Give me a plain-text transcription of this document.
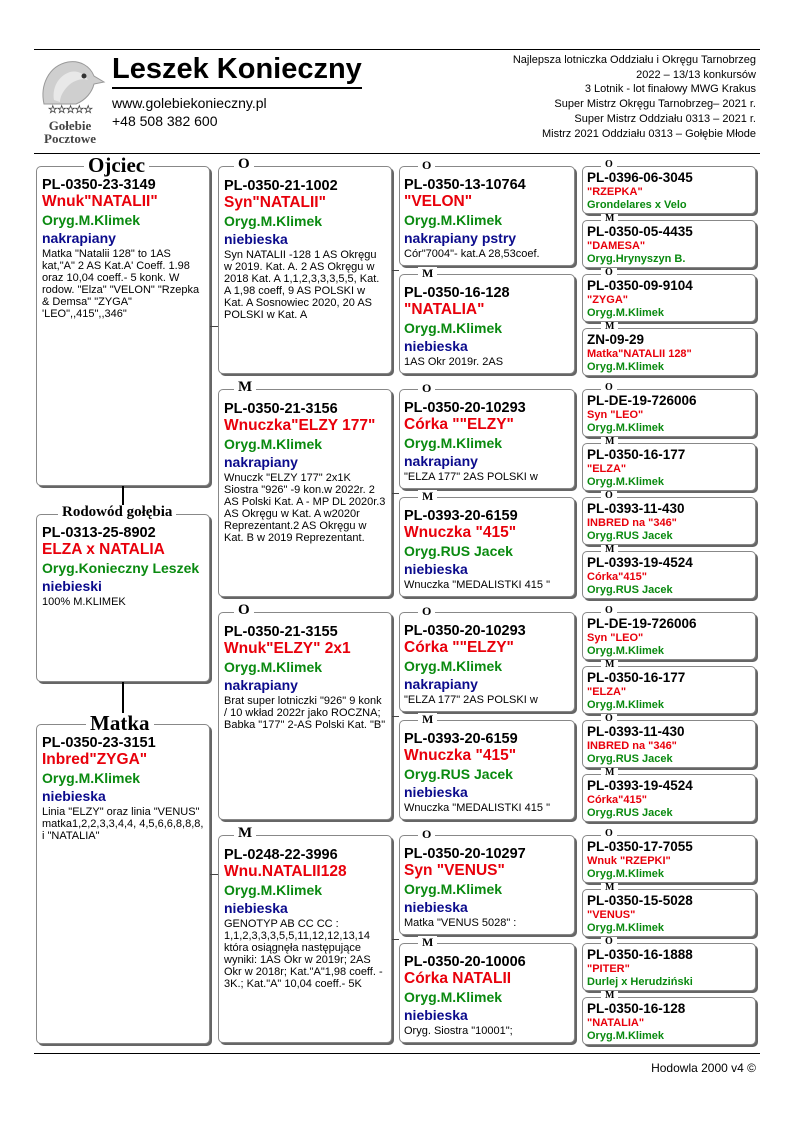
☆☆☆☆☆
Gołebie
Pocztowe
Leszek Konieczny
www.golebiekonieczny.pl
+48 508 382 600
Najlepsza lotniczka Oddziału i Okręgu Tarnobrzeg
2022 – 13/13 konkursów
3 Lotnik - lot finałowy MWG Krakus
Super Mistrz Okręgu Tarnobrzeg– 2021 r.
Super Mistrz Oddziału 0313 – 2021 r.
Mistrz 2021 Oddziału 0313 – Gołębie Młode
PL-0350-23-3149
Wnuk"NATALII"
Orуg.M.Klimek
nakrapiany
Matka "Natalii 128" to 1AS kat,"A" 2 AS Kat.A' Coeff. 1.98 oraz 10,04 coeff.- 5 konk. W rodow. "Elza" "VELON" "Rzepka & Demsa" "ZYGA" 'LEO",,415",,346"
PL-0313-25-8902
ELZA x NATALIA
Oryg.Konieczny Leszek
niebieski
100% M.KLIMEK
PL-0350-23-3151
Inbred"ZYGA"
Oryg.M.Klimek
niebieska
Linia "ELZY" oraz linia "VENUS" matka1,2,2,3,3,4,4, 4,5,6,6,8,8,8, i "NATALIA"
Ojciec
Rodowód gołębia
Matka
PL-0350-21-1002
Syn"NATALII"
Oryg.M.Klimek
niebieska
Syn NATALII -128 1 AS Okręgu w 2019. Kat. A. 2 AS Okręgu w 2018 Kat. A 1,1,2,3,3,3,5,5, Kat. A 1,98 coeff, 9 AS POLSKI w Kat. A Sosnowiec 2020, 20 AS POLSKI w Kat. A
O
PL-0350-21-3156
Wnuczka"ELZY 177"
Oryg.M.Klimek
nakrapiany
Wnuczk "ELZY 177" 2x1K Siostra "926" -9 kon.w 2022r. 2 AS Polski Kat. A - MP DL 2020r.3 AS Okręgu w Kat. A w2020r Reprezentant.2 AS Okręgu w Kat. B w 2019 Reprezentant.
M
PL-0350-21-3155
Wnuk"ELZY" 2x1
Oryg.M.Klimek
nakrapiany
Brat super lotniczki "926" 9 konk / 10 wkład 2022r jako ROCZNA; Babka "177" 2-AS Polski Kat. "B"
O
PL-0248-22-3996
Wnu.NATALII128
Oryg.M.Klimek
niebieska
GENOTYP AB CC CC : 1,1,2,3,3,3,5,5,11,12,12,13,14 która osiągnęła następujące wyniki: 1AS Okr w 2019r; 2AS Okr w 2018r; Kat."A"1,98 coeff. - 3K.; Kat."A" 10,04 coeff.- 5K
M
PL-0350-13-10764
"VELON"
Oryg.M.Klimek
nakrapiany pstry
Cór"7004"- kat.A 28,53coef.
O
PL-0350-16-128
"NATALIA"
Oryg.M.Klimek
niebieska
1AS Okr 2019r. 2AS
M
PL-0350-20-10293
Córka ""ELZY"
Oryg.M.Klimek
nakrapiany
"ELZA 177" 2AS POLSKI w
O
PL-0393-20-6159
Wnuczka "415"
Oryg.RUS Jacek
niebieska
Wnuczka "MEDALISTKI 415 "
M
PL-0350-20-10293
Córka ""ELZY"
Oryg.M.Klimek
nakrapiany
"ELZA 177" 2AS POLSKI w
O
PL-0393-20-6159
Wnuczka "415"
Oryg.RUS Jacek
niebieska
Wnuczka "MEDALISTKI 415 "
M
PL-0350-20-10297
Syn "VENUS"
Oryg.M.Klimek
niebieska
Matka "VENUS 5028" :
O
PL-0350-20-10006
Córka NATALII
Oryg.M.Klimek
niebieska
Oryg. Siostra "10001";
M
PL-0396-06-3045
"RZEPKA"
Grondelares x Velo
O
PL-0350-05-4435
"DAMESA"
Oryg.Hrynyszyn B.
M
PL-0350-09-9104
"ZYGA"
Oryg.M.Klimek
O
ZN-09-29
Matka"NATALII 128"
Oryg.M.Klimek
M
PL-DE-19-726006
Syn "LEO"
Oryg.M.Klimek
O
PL-0350-16-177
"ELZA"
Oryg.M.Klimek
M
PL-0393-11-430
INBRED na "346"
Oryg.RUS Jacek
O
PL-0393-19-4524
Córka"415"
Oryg.RUS Jacek
M
PL-DE-19-726006
Syn "LEO"
Oryg.M.Klimek
O
PL-0350-16-177
"ELZA"
Oryg.M.Klimek
M
PL-0393-11-430
INBRED na "346"
Oryg.RUS Jacek
O
PL-0393-19-4524
Córka"415"
Oryg.RUS Jacek
M
PL-0350-17-7055
Wnuk "RZEPKI"
Oryg.M.Klimek
O
PL-0350-15-5028
"VENUS"
Oryg.M.Klimek
M
PL-0350-16-1888
"PITER"
Durlej x Herudziński
O
PL-0350-16-128
"NATALIA"
Oryg.M.Klimek
M
Hodowla 2000 v4 ©
